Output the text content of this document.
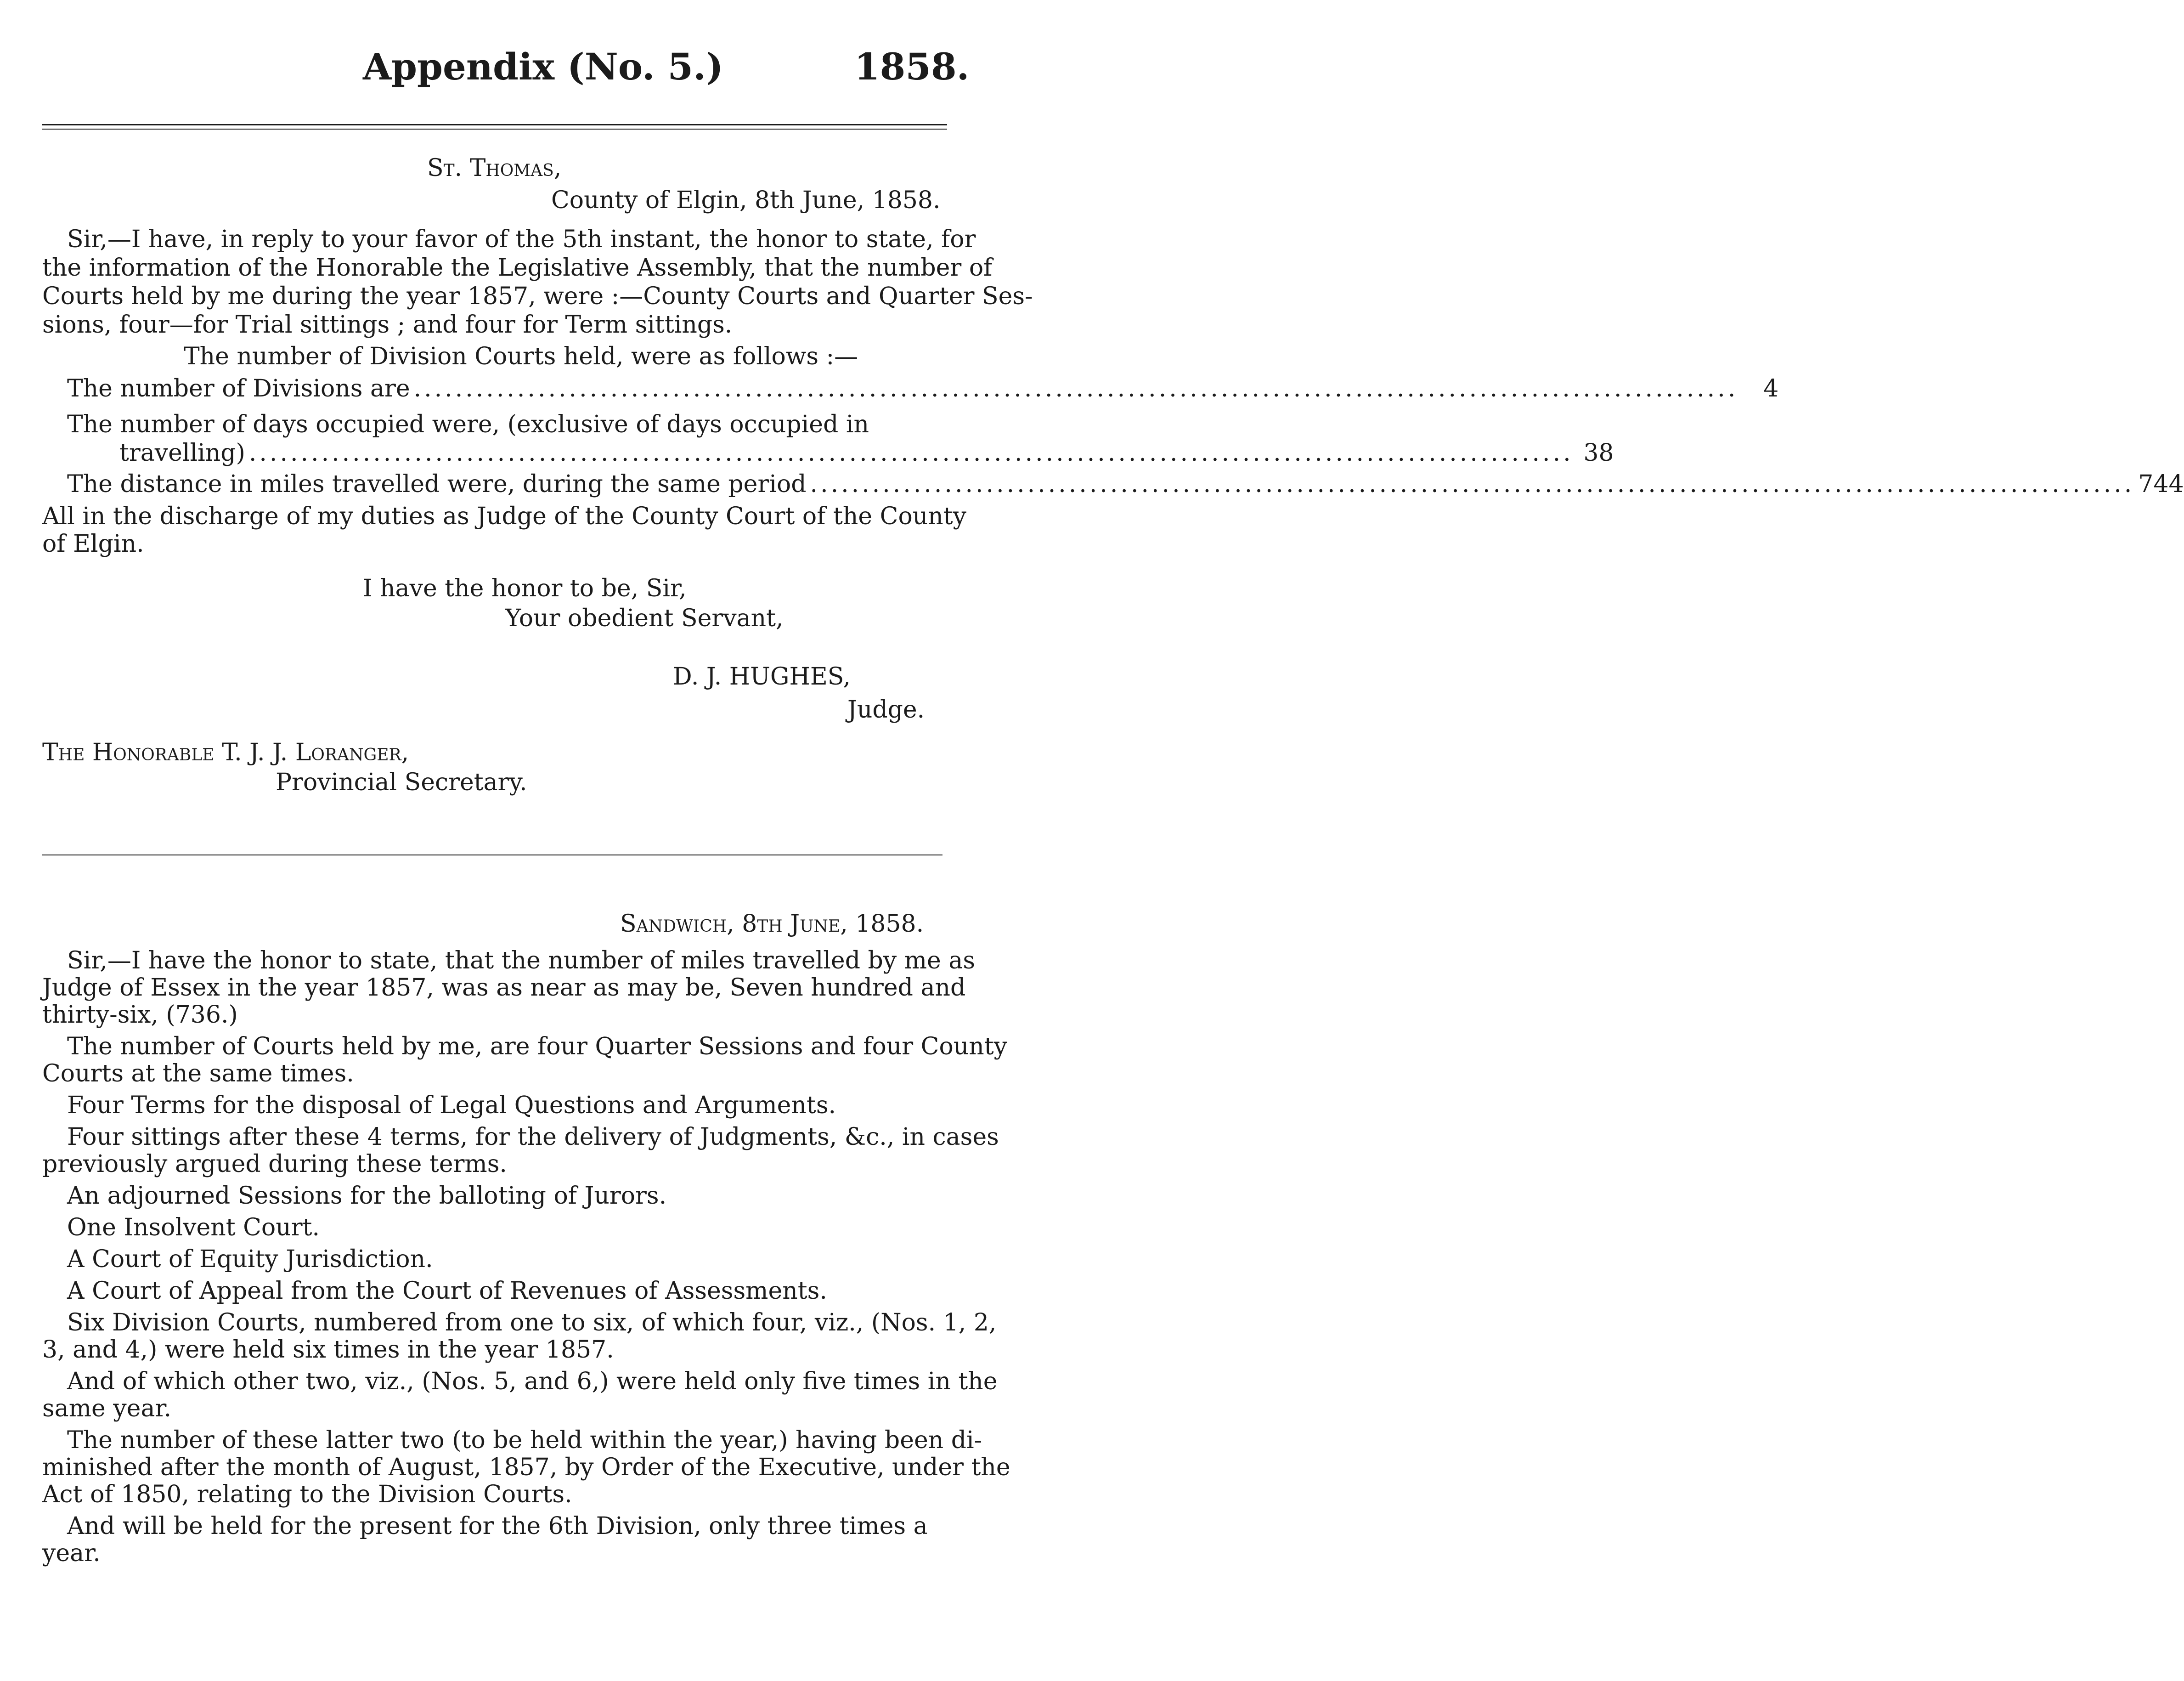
Appendix (No. 5.)	1858.
St. Thomas,
County of Elgin, 8th June, 1858.
Sir,—I have, in reply to your favor of the 5th instant, the honor to state, for
the information of the Honorable the Legislative Assembly, that the number of
Courts held by me during the year 1857, were :—County Courts and Quarter Ses-
sions, four—for Trial sittings ; and four for Term sittings.
The number of Division Courts held, were as follows :—
The number of Divisions are ................................................................................................................................	4
The number of days occupied were, (exclusive of days occupied in
travelling) ................................................................................................................................ 38
The distance in miles travelled were, during the same period ................................................................................................................................ 744
All in the discharge of my duties as Judge of the County Court of the County
of Elgin.
I have the honor to be, Sir,
Your obedient Servant,
D. J. HUGHES,
Judge.
The Honorable T. J. J. Loranger,
Provincial Secretary.
Sandwich, 8th June, 1858.
Sir,—I have the honor to state, that the number of miles travelled by me as
Judge of Essex in the year 1857, was as near as may be, Seven hundred and
thirty-six, (736.)
The number of Courts held by me, are four Quarter Sessions and four County
Courts at the same times.
Four Terms for the disposal of Legal Questions and Arguments.
Four sittings after these 4 terms, for the delivery of Judgments, &c., in cases
previously argued during these terms.
An adjourned Sessions for the balloting of Jurors.
One Insolvent Court.
A Court of Equity Jurisdiction.
A Court of Appeal from the Court of Revenues of Assessments.
Six Division Courts, numbered from one to six, of which four, viz., (Nos. 1, 2,
3, and 4,) were held six times in the year 1857.
And of which other two, viz., (Nos. 5, and 6,) were held only five times in the
same year.
The number of these latter two (to be held within the year,) having been di-
minished after the month of August, 1857, by Order of the Executive, under the
Act of 1850, relating to the Division Courts.
And will be held for the present for the 6th Division, only three times a
year.
